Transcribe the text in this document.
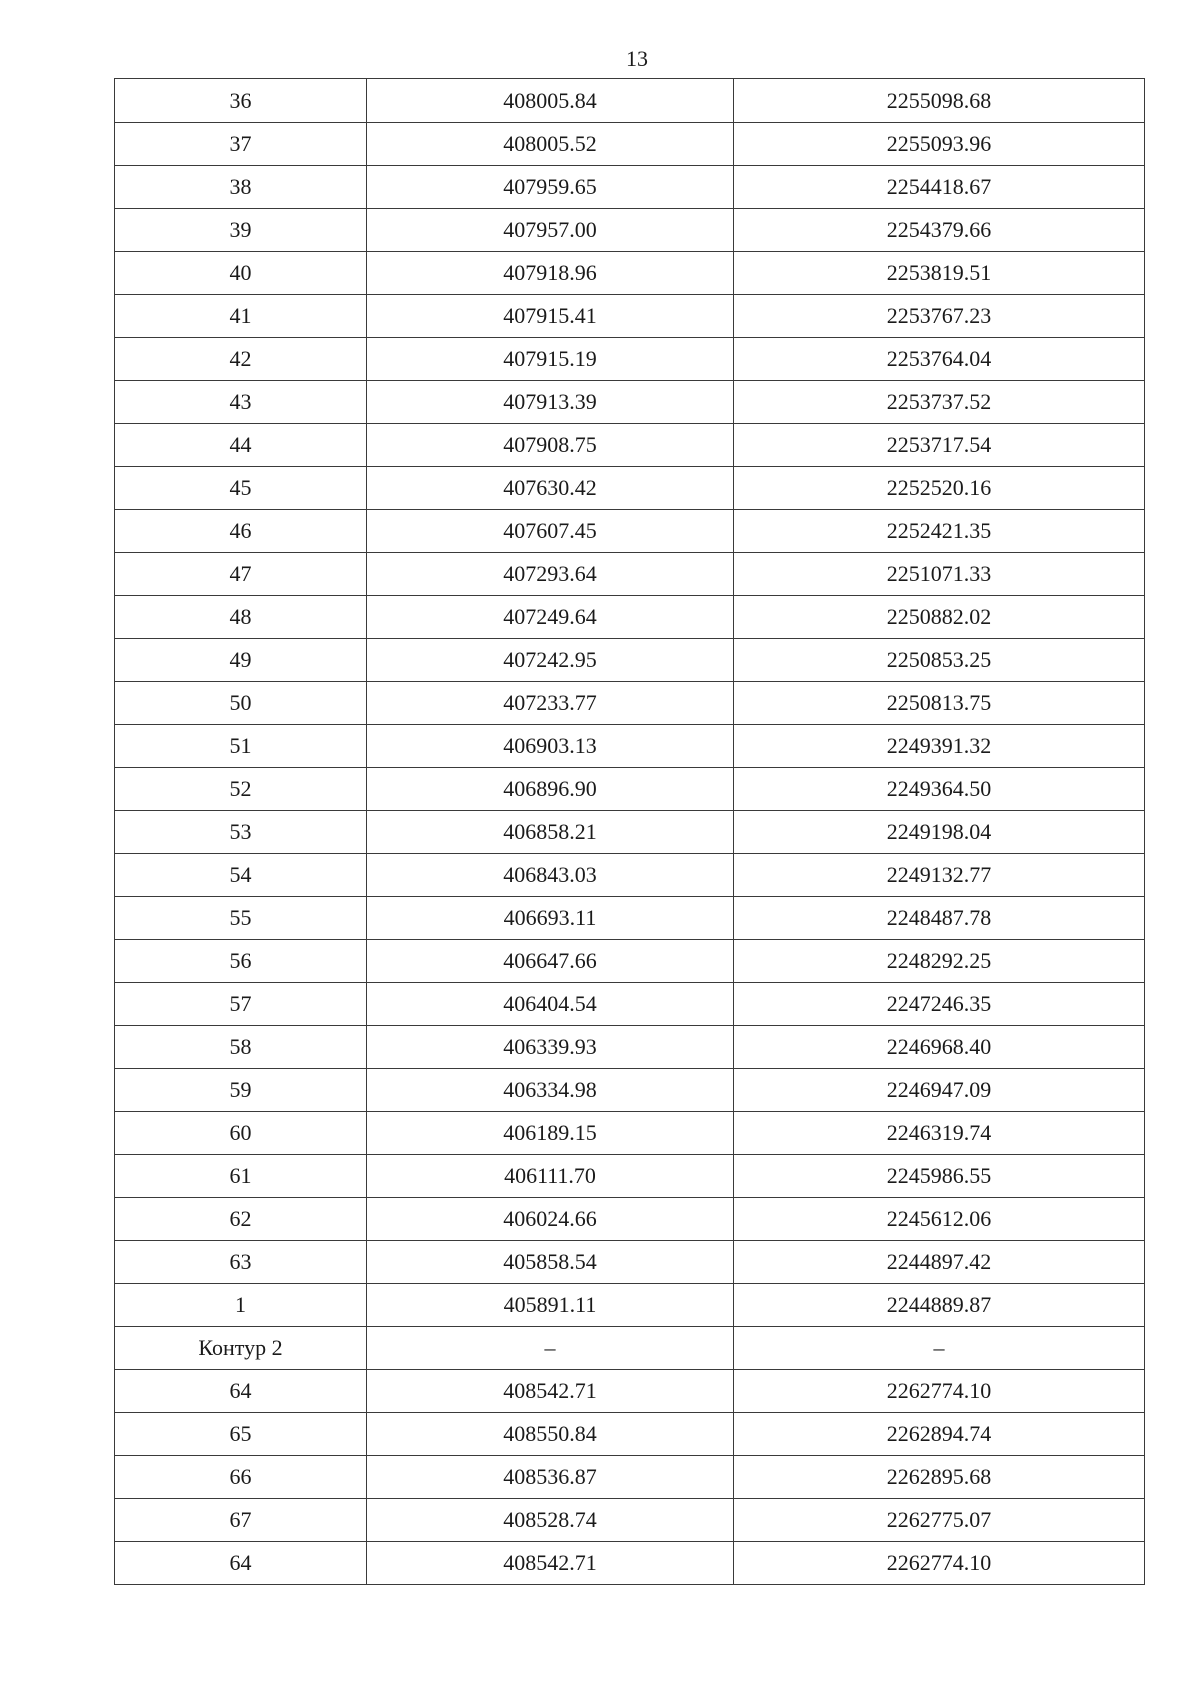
13
36	408005.84	2255098.68
37	408005.52	2255093.96
38	407959.65	2254418.67
39	407957.00	2254379.66
40	407918.96	2253819.51
41	407915.41	2253767.23
42	407915.19	2253764.04
43	407913.39	2253737.52
44	407908.75	2253717.54
45	407630.42	2252520.16
46	407607.45	2252421.35
47	407293.64	2251071.33
48	407249.64	2250882.02
49	407242.95	2250853.25
50	407233.77	2250813.75
51	406903.13	2249391.32
52	406896.90	2249364.50
53	406858.21	2249198.04
54	406843.03	2249132.77
55	406693.11	2248487.78
56	406647.66	2248292.25
57	406404.54	2247246.35
58	406339.93	2246968.40
59	406334.98	2246947.09
60	406189.15	2246319.74
61	406111.70	2245986.55
62	406024.66	2245612.06
63	405858.54	2244897.42
1	405891.11	2244889.87
Контур 2	–	–
64	408542.71	2262774.10
65	408550.84	2262894.74
66	408536.87	2262895.68
67	408528.74	2262775.07
64	408542.71	2262774.10
